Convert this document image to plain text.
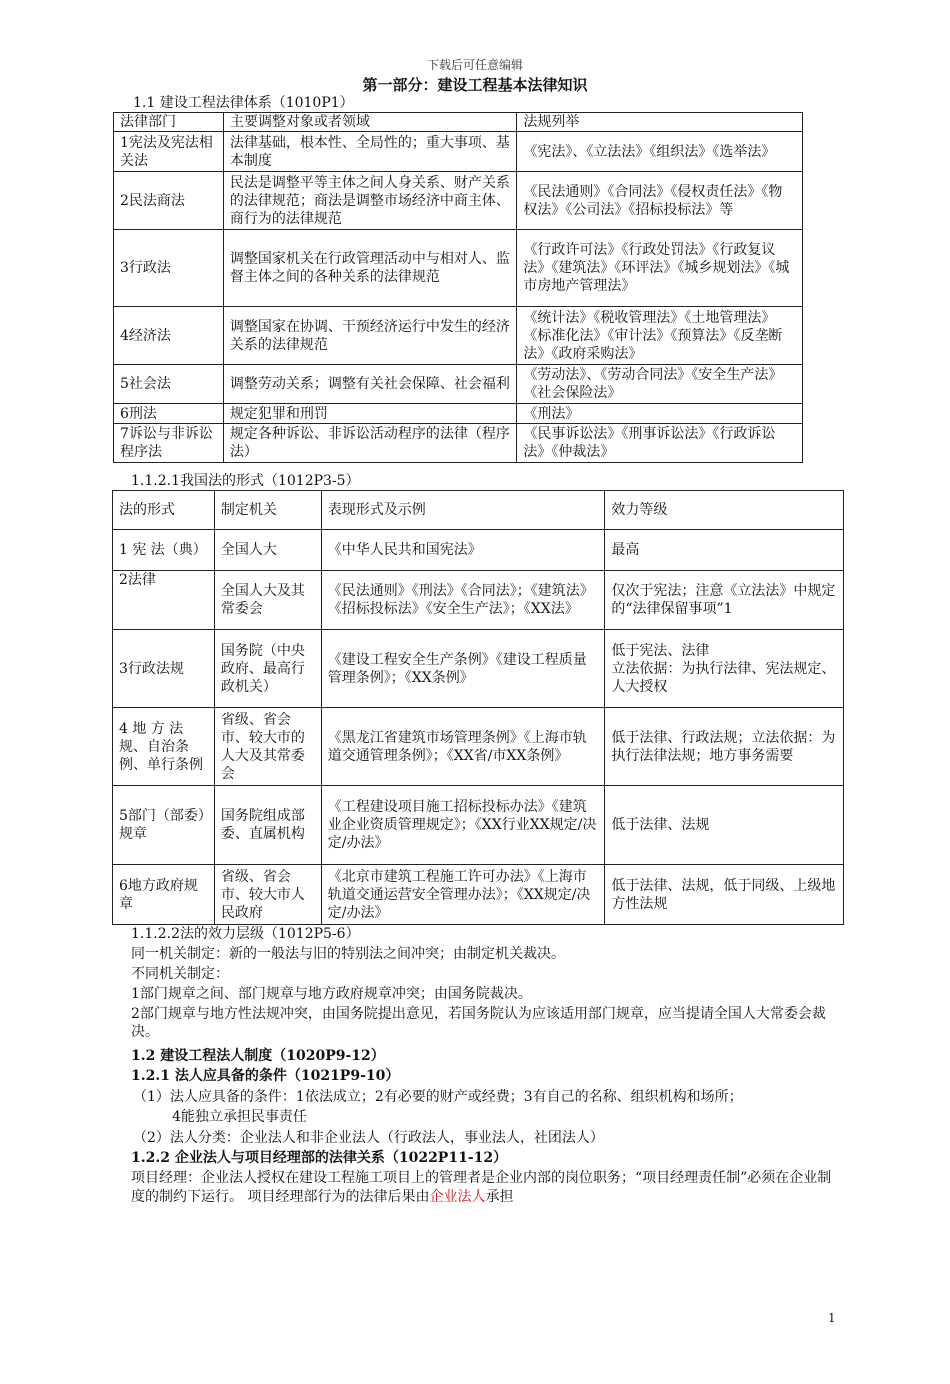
下载后可任意编辑
第一部分：建设工程基本法律知识
1.1 建设工程法律体系（1010P1）
法律部门	主要调整对象或者领域	法规列举
1宪法及宪法相关法	法律基础，根本性、全局性的；重大事项、基本制度	《宪法》、《立法法》《组织法》《选举法》
2民法商法	民法是调整平等主体之间人身关系、财产关系的法律规范；商法是调整市场经济中商主体、商行为的法律规范	《民法通则》《合同法》《侵权责任法》《物权法》《公司法》《招标投标法》等
3行政法	调整国家机关在行政管理活动中与相对人、监督主体之间的各种关系的法律规范	《行政许可法》《行政处罚法》《行政复议法》《建筑法》《环评法》《城乡规划法》《城市房地产管理法》
4经济法	调整国家在协调、干预经济运行中发生的经济关系的法律规范	《统计法》《税收管理法》《土地管理法》《标准化法》《审计法》《预算法》《反垄断法》《政府采购法》
5社会法	调整劳动关系；调整有关社会保障、社会福利	《劳动法》、《劳动合同法》《安全生产法》《社会保险法》
6刑法	规定犯罪和刑罚	《刑法》
7诉讼与非诉讼程序法	规定各种诉讼、非诉讼活动程序的法律（程序法）	《民事诉讼法》《刑事诉讼法》《行政诉讼法》《仲裁法》
1.1.2.1我国法的形式（1012P3-5）
法的形式	制定机关	表现形式及示例	效力等级
1 宪 法（典）	全国人大	《中华人民共和国宪法》	最高
2法律	全国人大及其常委会	《民法通则》《刑法》《合同法》；《建筑法》《招标投标法》《安全生产法》；《XX法》	仅次于宪法；注意《立法法》中规定的“法律保留事项”1
3行政法规	国务院（中央政府、最高行政机关）	《建设工程安全生产条例》《建设工程质量管理条例》；《XX条例》	低于宪法、法律
立法依据：为执行法律、宪法规定、人大授权
4 地 方 法规、自治条例、单行条例	省级、省会市、较大市的人大及其常委会	《黑龙江省建筑市场管理条例》《上海市轨道交通管理条例》；《XX省/市XX条例》	低于法律、行政法规；立法依据：为执行法律法规；地方事务需要
5部门（部委）规章	国务院组成部委、直属机构	《工程建设项目施工招标投标办法》《建筑业企业资质管理规定》；《XX行业XX规定/决定/办法》	低于法律、法规
6地方政府规章	省级、省会市、较大市人民政府	《北京市建筑工程施工许可办法》《上海市轨道交通运营安全管理办法》；《XX规定/决定/办法》	低于法律、法规，低于同级、上级地方性法规
1.1.2.2法的效力层级（1012P5-6）
同一机关制定：新的一般法与旧的特别法之间冲突；由制定机关裁决。
不同机关制定：
1部门规章之间、部门规章与地方政府规章冲突；由国务院裁决。
2部门规章与地方性法规冲突，由国务院提出意见，若国务院认为应该适用部门规章，应当提请全国人大常委会裁决。
1.2 建设工程法人制度（1020P9-12）
1.2.1 法人应具备的条件（1021P9-10）
（1）法人应具备的条件：1依法成立；2有必要的财产或经费；3有自己的名称、组织机构和场所；
4能独立承担民事责任
（2）法人分类：企业法人和非企业法人（行政法人，事业法人，社团法人）
1.2.2 企业法人与项目经理部的法律关系（1022P11-12）
项目经理：企业法人授权在建设工程施工项目上的管理者是企业内部的岗位职务；“项目经理责任制”必须在企业制度的制约下运行。 项目经理部行为的法律后果由企业法人承担
1
